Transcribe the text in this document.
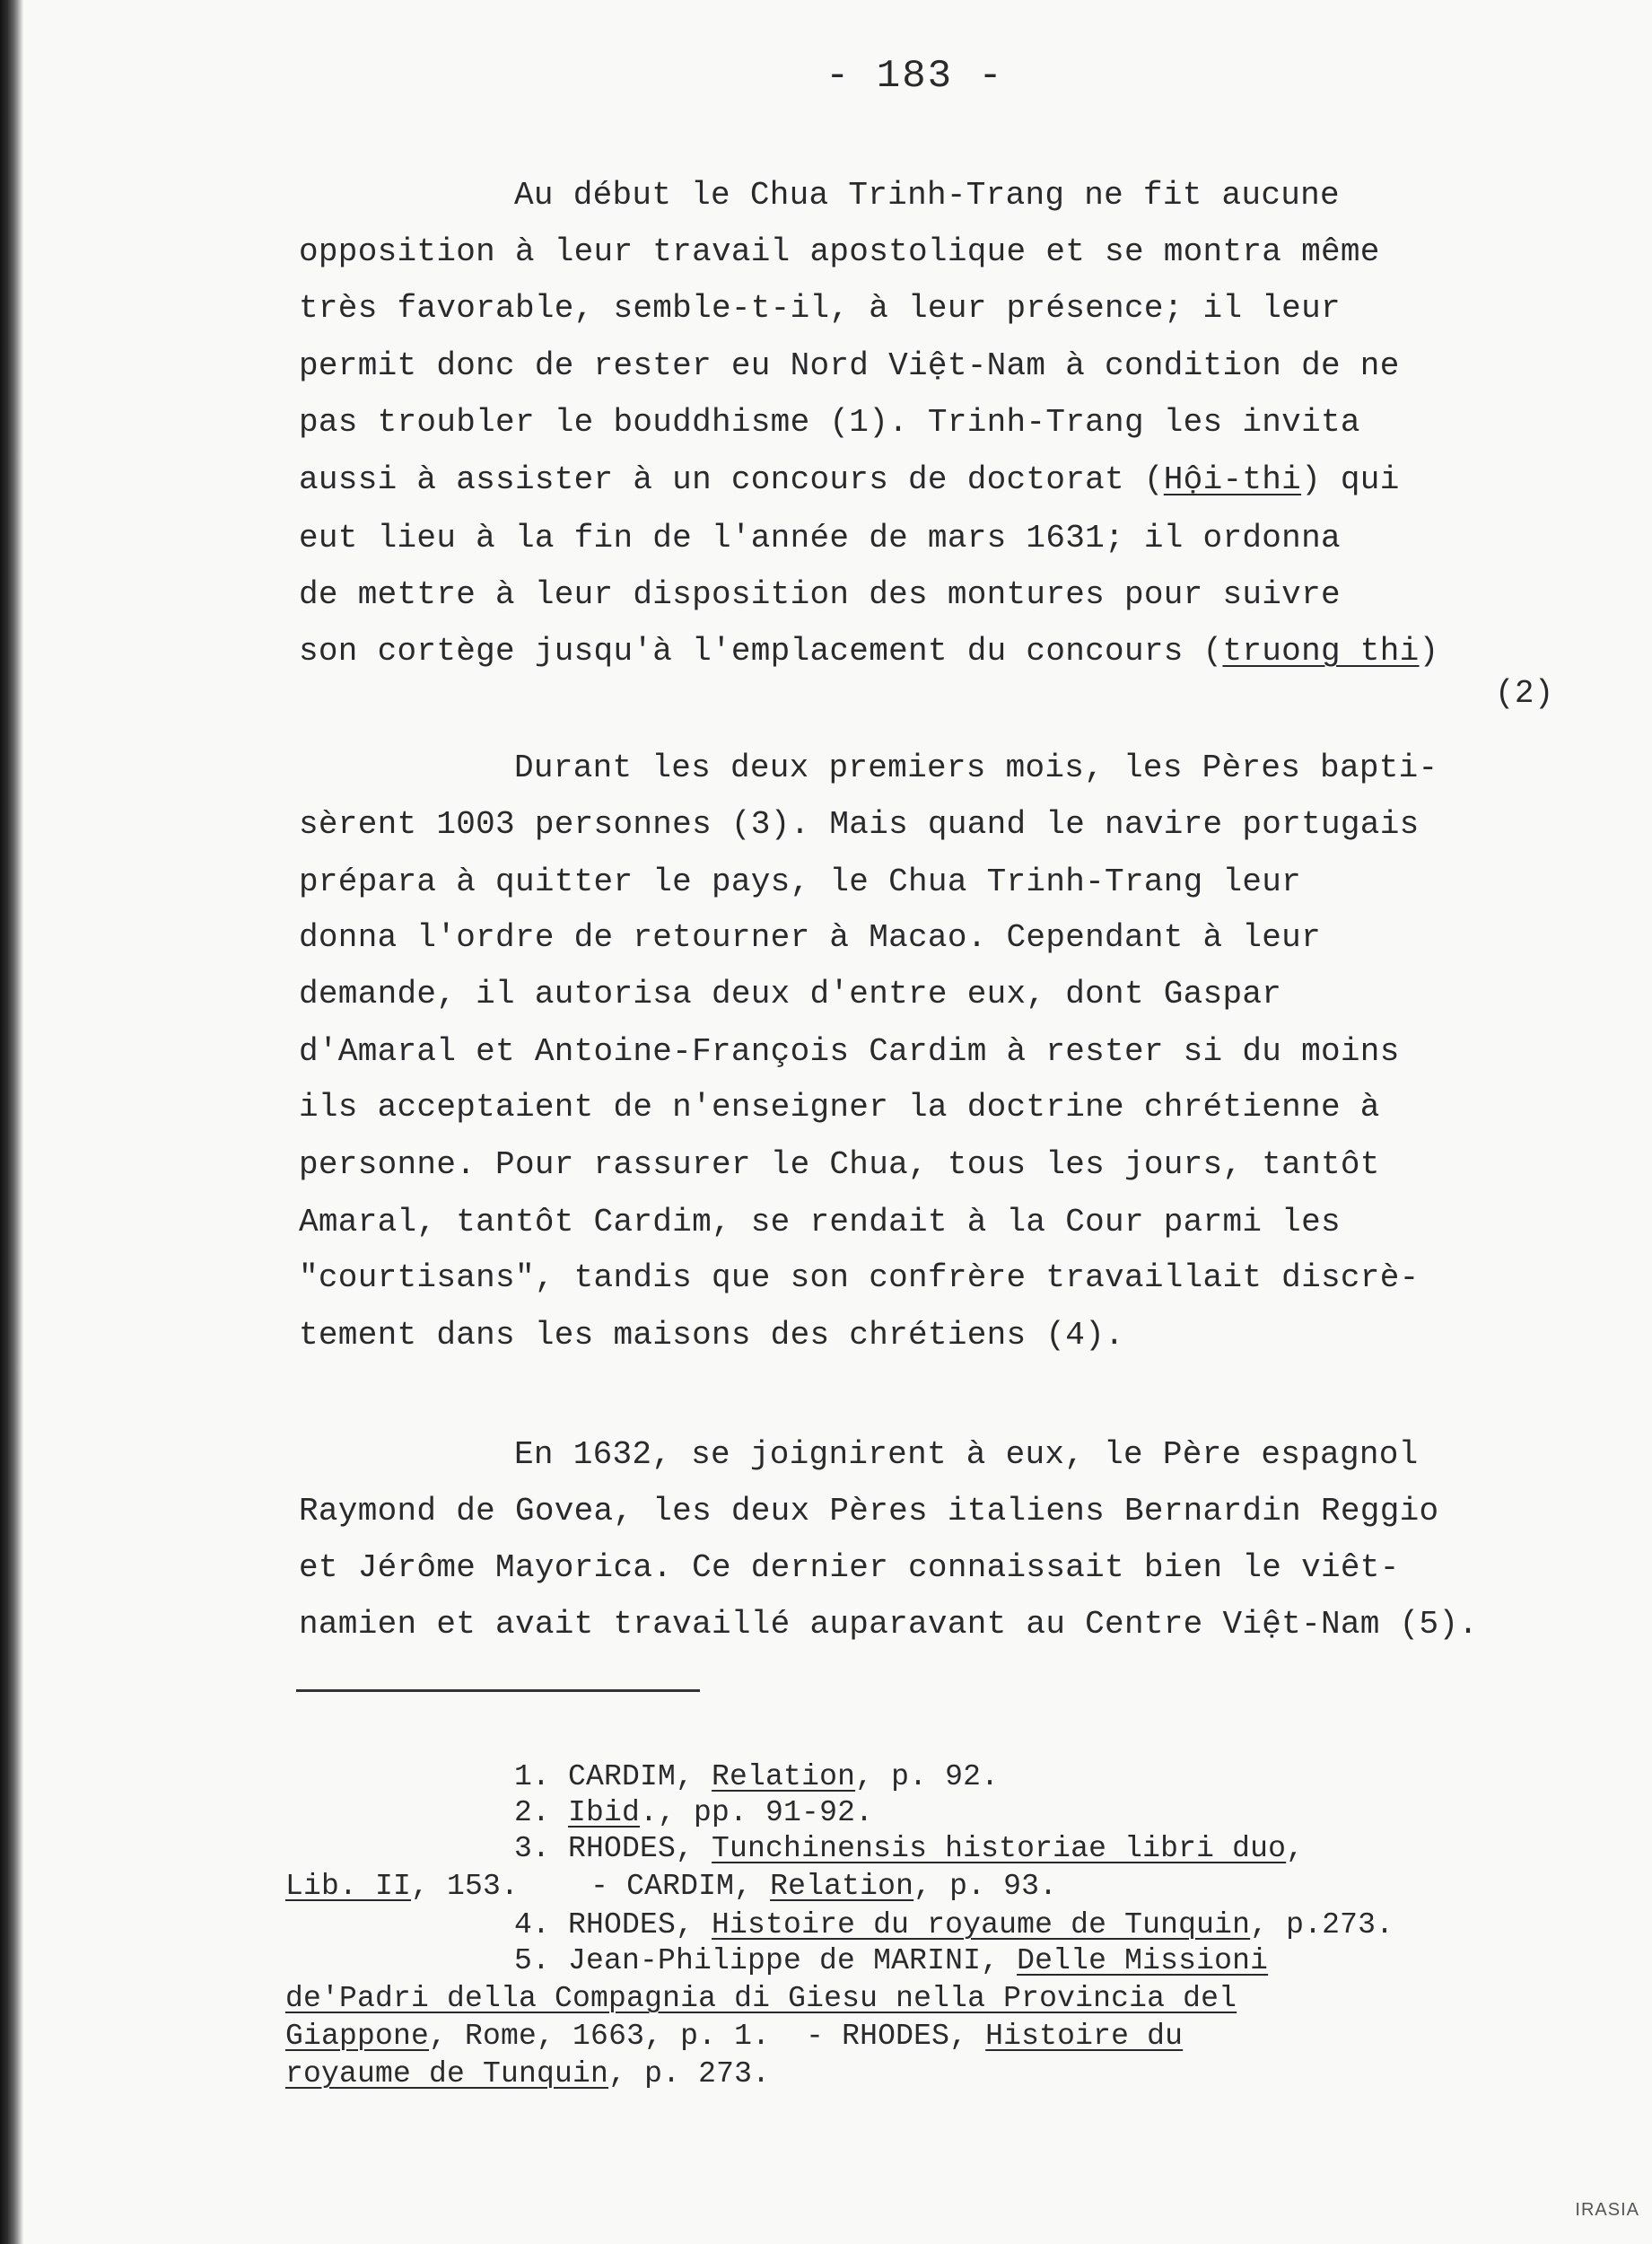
- 183 -
Au début le Chua Trinh-Trang ne fit aucune
opposition à leur travail apostolique et se montra même
très favorable, semble-t-il, à leur présence; il leur
permit donc de rester eu Nord Việt-Nam à condition de ne
pas troubler le bouddhisme (1). Trinh-Trang les invita
aussi à assister à un concours de doctorat (Hội-thi) qui
eut lieu à la fin de l'année de mars 1631; il ordonna
de mettre à leur disposition des montures pour suivre
son cortège jusqu'à l'emplacement du concours (truong thi)
(2)
Durant les deux premiers mois, les Pères bapti-
sèrent 1003 personnes (3). Mais quand le navire portugais
prépara à quitter le pays, le Chua Trinh-Trang leur
donna l'ordre de retourner à Macao. Cependant à leur
demande, il autorisa deux d'entre eux, dont Gaspar
d'Amaral et Antoine-François Cardim à rester si du moins
ils acceptaient de n'enseigner la doctrine chrétienne à
personne. Pour rassurer le Chua, tous les jours, tantôt
Amaral, tantôt Cardim, se rendait à la Cour parmi les
"courtisans", tandis que son confrère travaillait discrè-
tement dans les maisons des chrétiens (4).
En 1632, se joignirent à eux, le Père espagnol
Raymond de Govea, les deux Pères italiens Bernardin Reggio
et Jérôme Mayorica. Ce dernier connaissait bien le viêt-
namien et avait travaillé auparavant au Centre Việt-Nam (5).
1. CARDIM, Relation, p. 92.
2. Ibid., pp. 91-92.
3. RHODES, Tunchinensis historiae libri duo,
Lib. II, 153.    - CARDIM, Relation, p. 93.
4. RHODES, Histoire du royaume de Tunquin, p.273.
5. Jean-Philippe de MARINI, Delle Missioni
de'Padri della Compagnia di Giesu nella Provincia del
Giappone, Rome, 1663, p. 1.  - RHODES, Histoire du
royaume de Tunquin, p. 273.
IRASIA
